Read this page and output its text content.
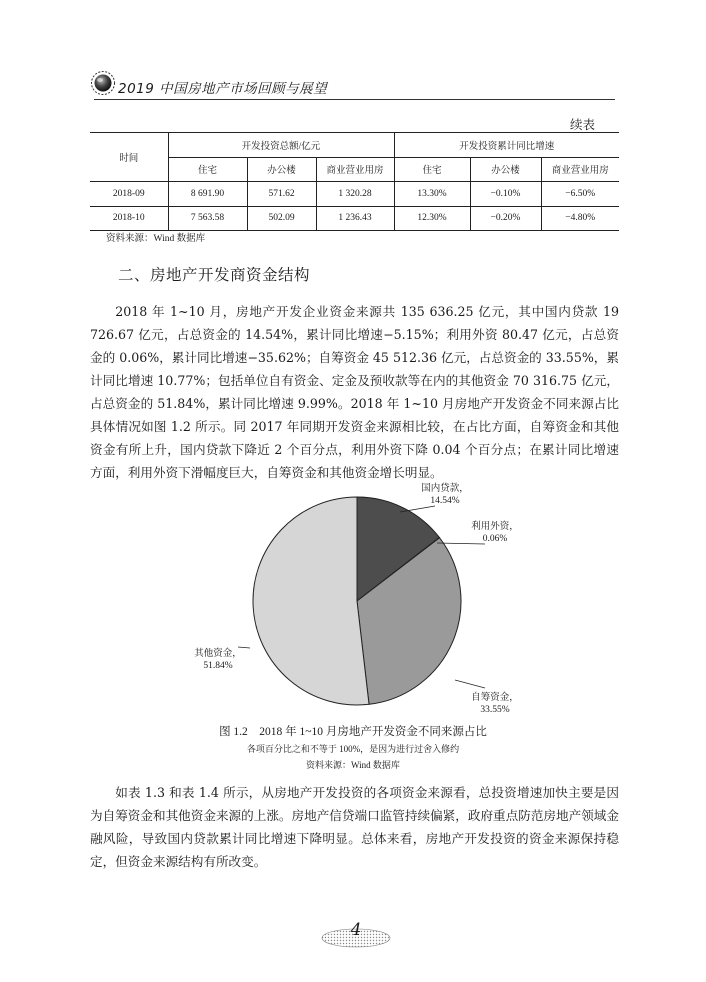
2019 中国房地产市场回顾与展望
续表
时间	开发投资总额/亿元			开发投资累计同比增速		
	住宅	办公楼	商业营业用房	住宅	办公楼	商业营业用房
2018-09	8 691.90	571.62	1 320.28	13.30%	−0.10%	−6.50%
2018-10	7 563.58	502.09	1 236.43	12.30%	−0.20%	−4.80%
资料来源：Wind 数据库
二、房地产开发商资金结构

2018 年 1~10 月，房地产开发企业资金来源共 135 636.25 亿元，其中国内贷款 19 726.67 亿元，占总资金的 14.54%，累计同比增速−5.15%；利用外资 80.47 亿元，占总资金的 0.06%，累计同比增速−35.62%；自筹资金 45 512.36 亿元，占总资金的 33.55%，累计同比增速 10.77%；包括单位自有资金、定金及预收款等在内的其他资金 70 316.75 亿元，占总资金的 51.84%，累计同比增速 9.99%。2018 年 1~10 月房地产开发资金不同来源占比具体情况如图 1.2 所示。同 2017 年同期开发资金来源相比较，在占比方面，自筹资金和其他资金有所上升，国内贷款下降近 2 个百分点，利用外资下降 0.04 个百分点；在累计同比增速方面，利用外资下滑幅度巨大，自筹资金和其他资金增长明显。

国内贷款，
14.54%
利用外资，
0.06%
自筹资金，
33.55%
其他资金，
51.84%
图 1.2　2018 年 1~10 月房地产开发资金不同来源占比
各项百分比之和不等于 100%，是因为进行过舍入修约
资料来源：Wind 数据库

如表 1.3 和表 1.4 所示，从房地产开发投资的各项资金来源看，总投资增速加快主要是因为自筹资金和其他资金来源的上涨。房地产信贷端口监管持续偏紧，政府重点防范房地产领域金融风险，导致国内贷款累计同比增速下降明显。总体来看，房地产开发投资的资金来源保持稳定，但资金来源结构有所改变。

4
